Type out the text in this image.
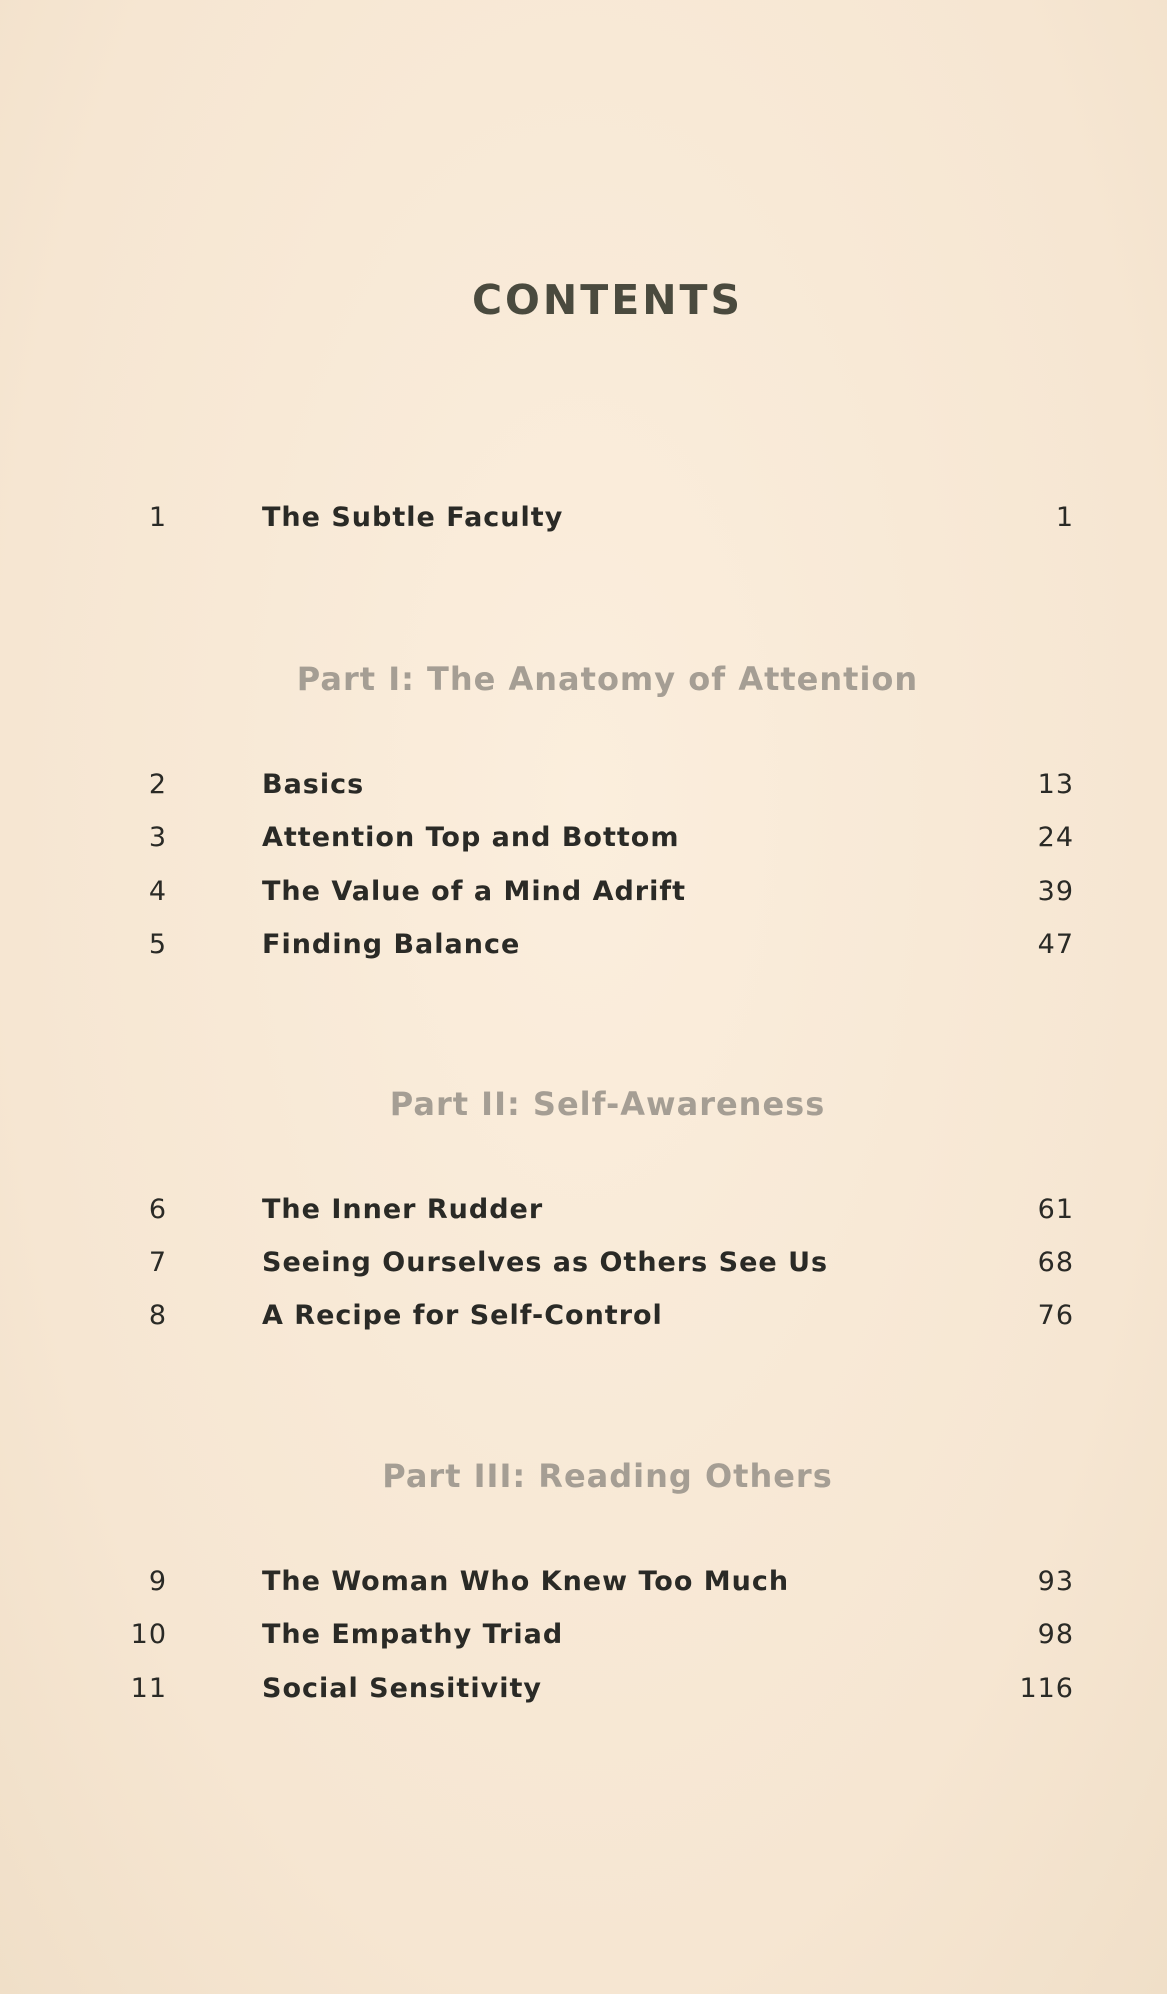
CONTENTS
1	The Subtle Faculty	1
Part I: The Anatomy of Attention
2	Basics	13
3	Attention Top and Bottom	24
4	The Value of a Mind Adrift	39
5	Finding Balance	47
Part II: Self-Awareness
6	The Inner Rudder	61
7	Seeing Ourselves as Others See Us	68
8	A Recipe for Self-Control	76
Part III: Reading Others
9	The Woman Who Knew Too Much	93
10	The Empathy Triad	98
11	Social Sensitivity	116
